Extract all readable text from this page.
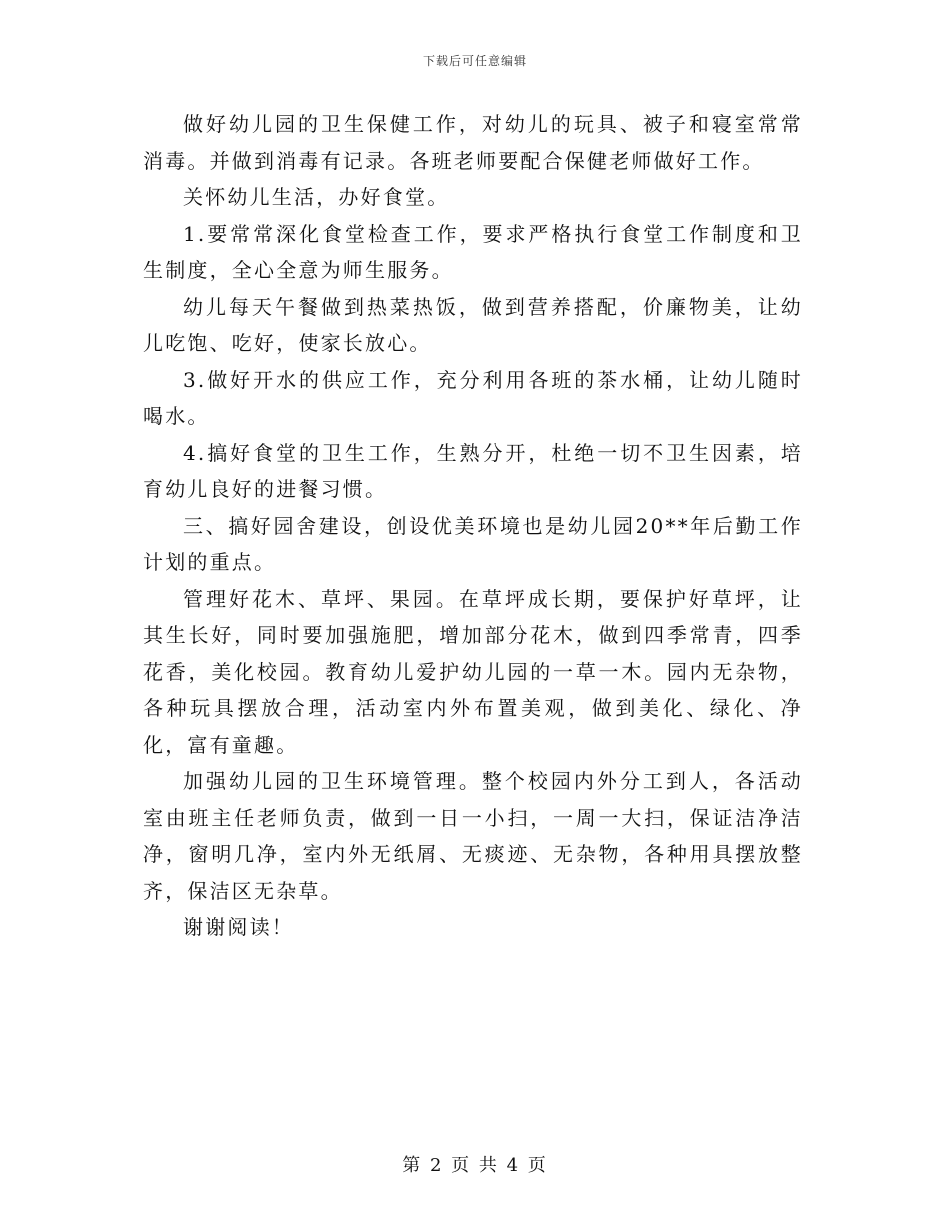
下载后可任意编辑

做好幼儿园的卫生保健工作，对幼儿的玩具、被子和寝室常常消毒。并做到消毒有记录。各班老师要配合保健老师做好工作。

关怀幼儿生活，办好食堂。

1.要常常深化食堂检查工作，要求严格执行食堂工作制度和卫生制度，全心全意为师生服务。

幼儿每天午餐做到热菜热饭，做到营养搭配，价廉物美，让幼儿吃饱、吃好，使家长放心。

3.做好开水的供应工作，充分利用各班的茶水桶，让幼儿随时喝水。

4.搞好食堂的卫生工作，生熟分开，杜绝一切不卫生因素，培育幼儿良好的进餐习惯。

三、搞好园舍建设，创设优美环境也是幼儿园20**年后勤工作计划的重点。

管理好花木、草坪、果园。在草坪成长期，要保护好草坪，让其生长好，同时要加强施肥，增加部分花木，做到四季常青，四季花香，美化校园。教育幼儿爱护幼儿园的一草一木。园内无杂物，各种玩具摆放合理，活动室内外布置美观，做到美化、绿化、净化，富有童趣。

加强幼儿园的卫生环境管理。整个校园内外分工到人，各活动室由班主任老师负责，做到一日一小扫，一周一大扫，保证洁净洁净，窗明几净，室内外无纸屑、无痰迹、无杂物，各种用具摆放整齐，保洁区无杂草。

谢谢阅读！

第 2 页 共 4 页
